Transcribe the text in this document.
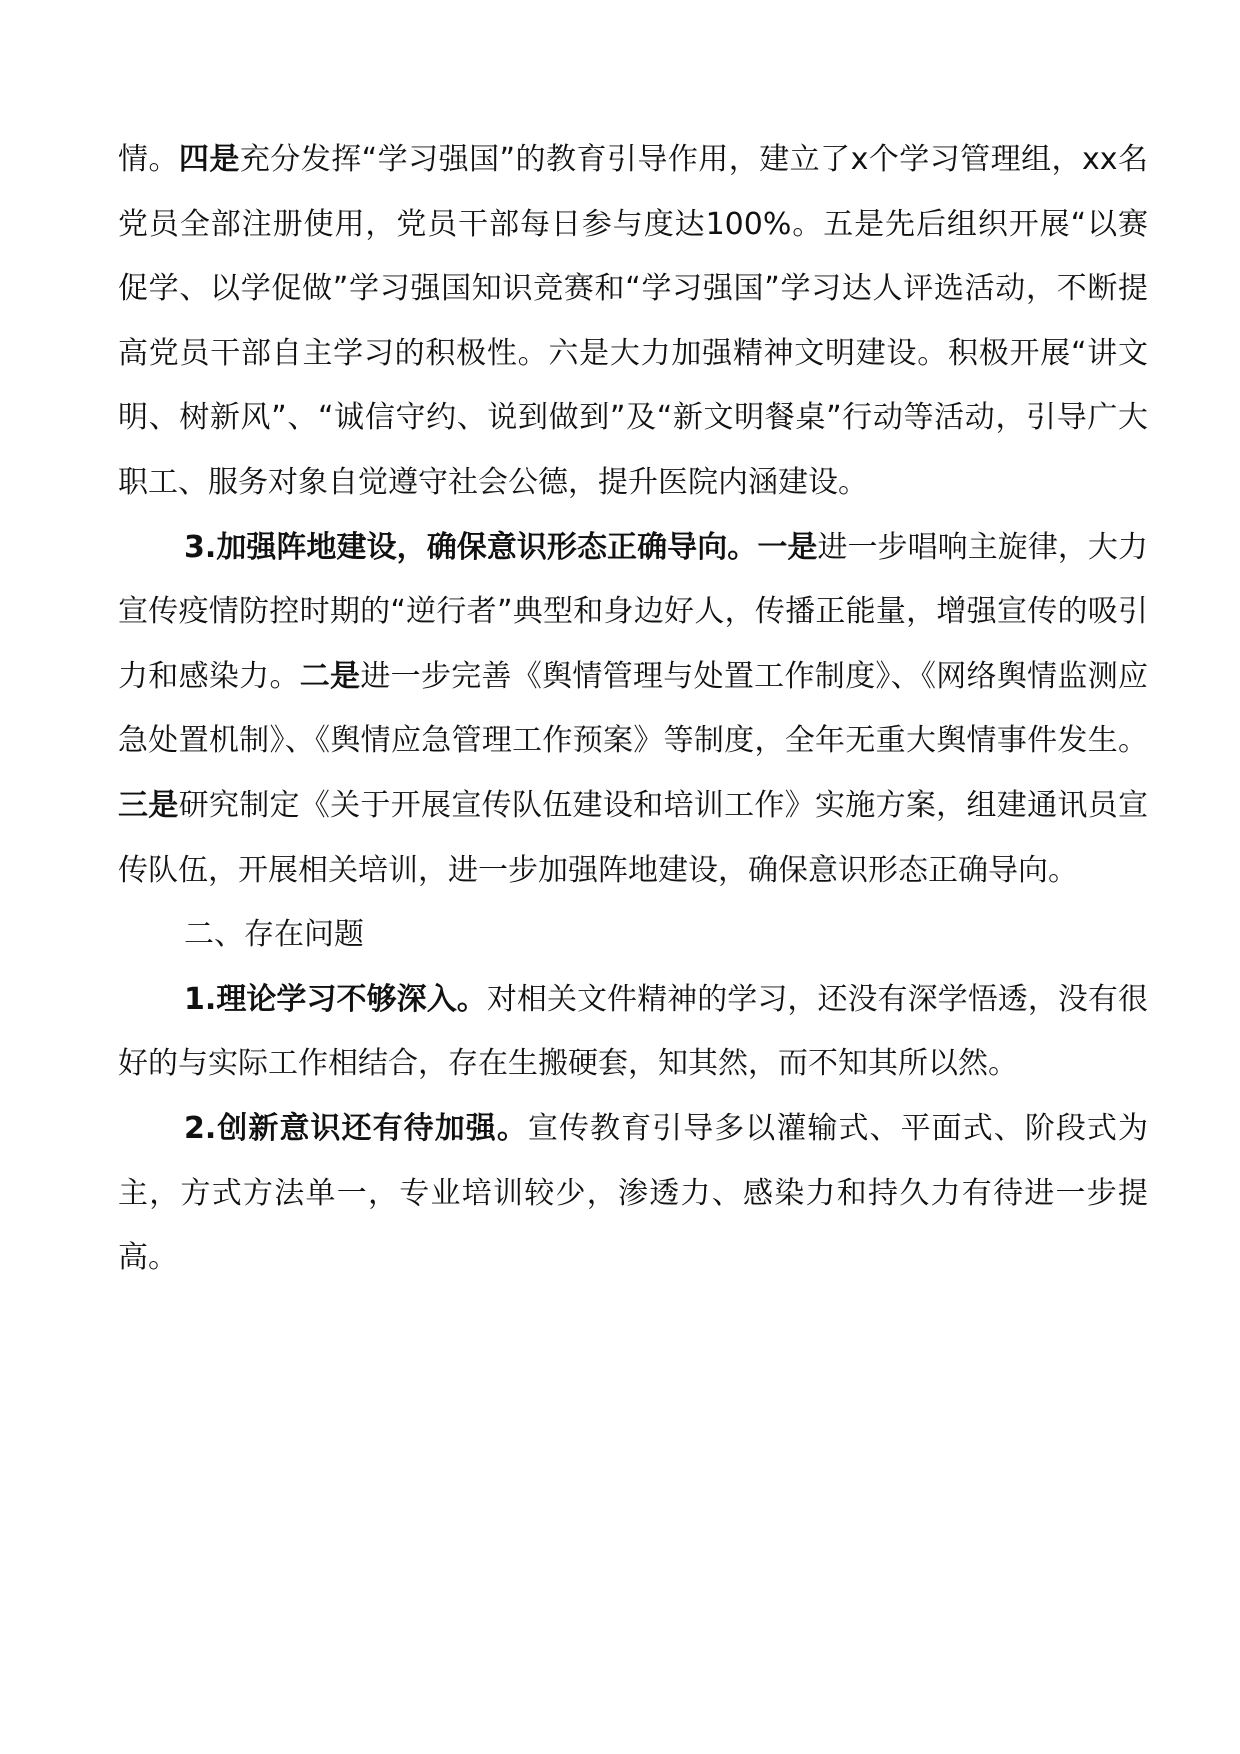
情。四是充分发挥“学习强国”的教育引导作用，建立了x个学习管理组，xx名党员全部注册使用，党员干部每日参与度达100%。五是先后组织开展“以赛促学、以学促做”学习强国知识竞赛和“学习强国”学习达人评选活动，不断提高党员干部自主学习的积极性。六是大力加强精神文明建设。积极开展“讲文明、树新风”、“诚信守约、说到做到”及“新文明餐桌”行动等活动，引导广大职工、服务对象自觉遵守社会公德，提升医院内涵建设。

3.加强阵地建设，确保意识形态正确导向。一是进一步唱响主旋律，大力宣传疫情防控时期的“逆行者”典型和身边好人，传播正能量，增强宣传的吸引力和感染力。二是进一步完善《舆情管理与处置工作制度》、《网络舆情监测应急处置机制》、《舆情应急管理工作预案》等制度，全年无重大舆情事件发生。三是研究制定《关于开展宣传队伍建设和培训工作》实施方案，组建通讯员宣传队伍，开展相关培训，进一步加强阵地建设，确保意识形态正确导向。

二、存在问题

1.理论学习不够深入。对相关文件精神的学习，还没有深学悟透，没有很好的与实际工作相结合，存在生搬硬套，知其然，而不知其所以然。

2.创新意识还有待加强。宣传教育引导多以灌输式、平面式、阶段式为主，方式方法单一，专业培训较少，渗透力、感染力和持久力有待进一步提高。
